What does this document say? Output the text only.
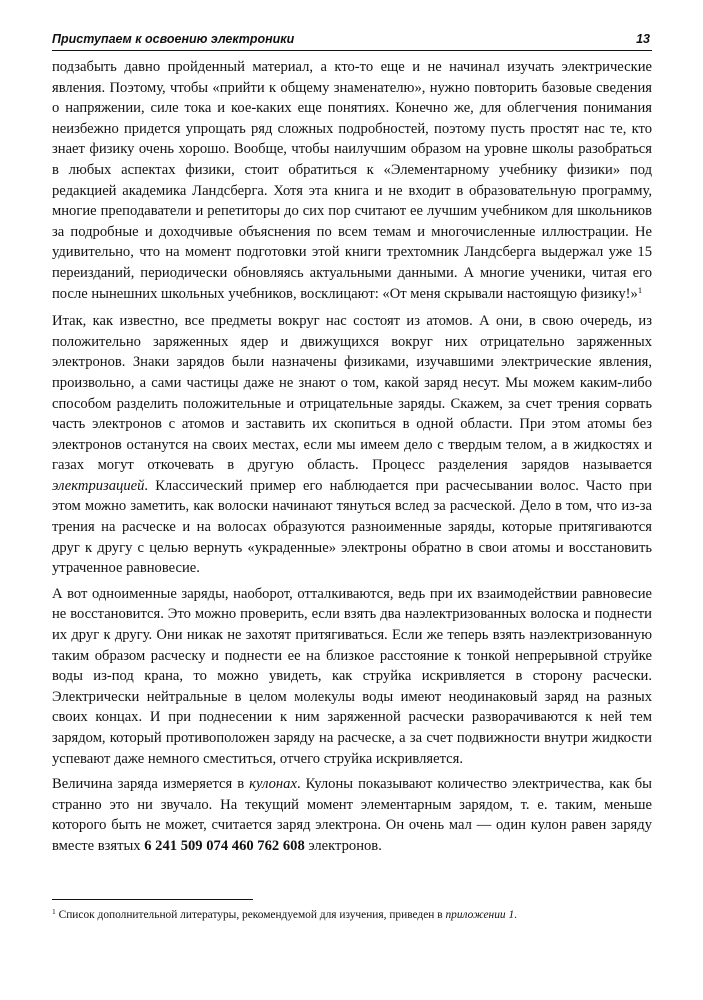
Приступаем к освоению электроники	13

подзабыть давно пройденный материал, а кто-то еще и не начинал изучать электрические явления. Поэтому, чтобы «прийти к общему знаменателю», нужно повторить базовые сведения о напряжении, силе тока и кое-каких еще понятиях. Конечно же, для облегчения понимания неизбежно придется упрощать ряд сложных подробностей, поэтому пусть простят нас те, кто знает физику очень хорошо. Вообще, чтобы наилучшим образом на уровне школы разобраться в любых аспектах физики, стоит обратиться к «Элементарному учебнику физики» под редакцией академика Ландсберга. Хотя эта книга и не входит в образовательную программу, многие преподаватели и репетиторы до сих пор считают ее лучшим учебником для школьников за подробные и доходчивые объяснения по всем темам и многочисленные иллюстрации. Не удивительно, что на момент подготовки этой книги трехтомник Ландсберга выдержал уже 15 переизданий, периодически обновляясь актуальными данными. А многие ученики, читая его после нынешних школьных учебников, восклицают: «От меня скрывали настоящую физику!»$^1$

Итак, как известно, все предметы вокруг нас состоят из атомов. А они, в свою очередь, из положительно заряженных ядер и движущихся вокруг них отрицательно заряженных электронов. Знаки зарядов были назначены физиками, изучавшими электрические явления, произвольно, а сами частицы даже не знают о том, какой заряд несут. Мы можем каким-либо способом разделить положительные и отрицательные заряды. Скажем, за счет трения сорвать часть электронов с атомов и заставить их скопиться в одной области. При этом атомы без электронов останутся на своих местах, если мы имеем дело с твердым телом, а в жидкостях и газах могут откочевать в другую область. Процесс разделения зарядов называется электризацией. Классический пример его наблюдается при расчесывании волос. Часто при этом можно заметить, как волоски начинают тянуться вслед за расческой. Дело в том, что из-за трения на расческе и на волосах образуются разноименные заряды, которые притягиваются друг к другу с целью вернуть «украденные» электроны обратно в свои атомы и восстановить утраченное равновесие.

А вот одноименные заряды, наоборот, отталкиваются, ведь при их взаимодействии равновесие не восстановится. Это можно проверить, если взять два наэлектризованных волоска и поднести их друг к другу. Они никак не захотят притягиваться. Если же теперь взять наэлектризованную таким образом расческу и поднести ее на близкое расстояние к тонкой непрерывной струйке воды из-под крана, то можно увидеть, как струйка искривляется в сторону расчески. Электрически нейтральные в целом молекулы воды имеют неодинаковый заряд на разных своих концах. И при поднесении к ним заряженной расчески разворачиваются к ней тем зарядом, который противоположен заряду на расческе, а за счет подвижности внутри жидкости успевают даже немного сместиться, отчего струйка искривляется.

Величина заряда измеряется в кулонах. Кулоны показывают количество электричества, как бы странно это ни звучало. На текущий момент элементарным зарядом, т. е. таким, меньше которого быть не может, считается заряд электрона. Он очень мал — один кулон равен заряду вместе взятых 6 241 509 074 460 762 608 электронов.

$^1$ Список дополнительной литературы, рекомендуемой для изучения, приведен в приложении 1.
